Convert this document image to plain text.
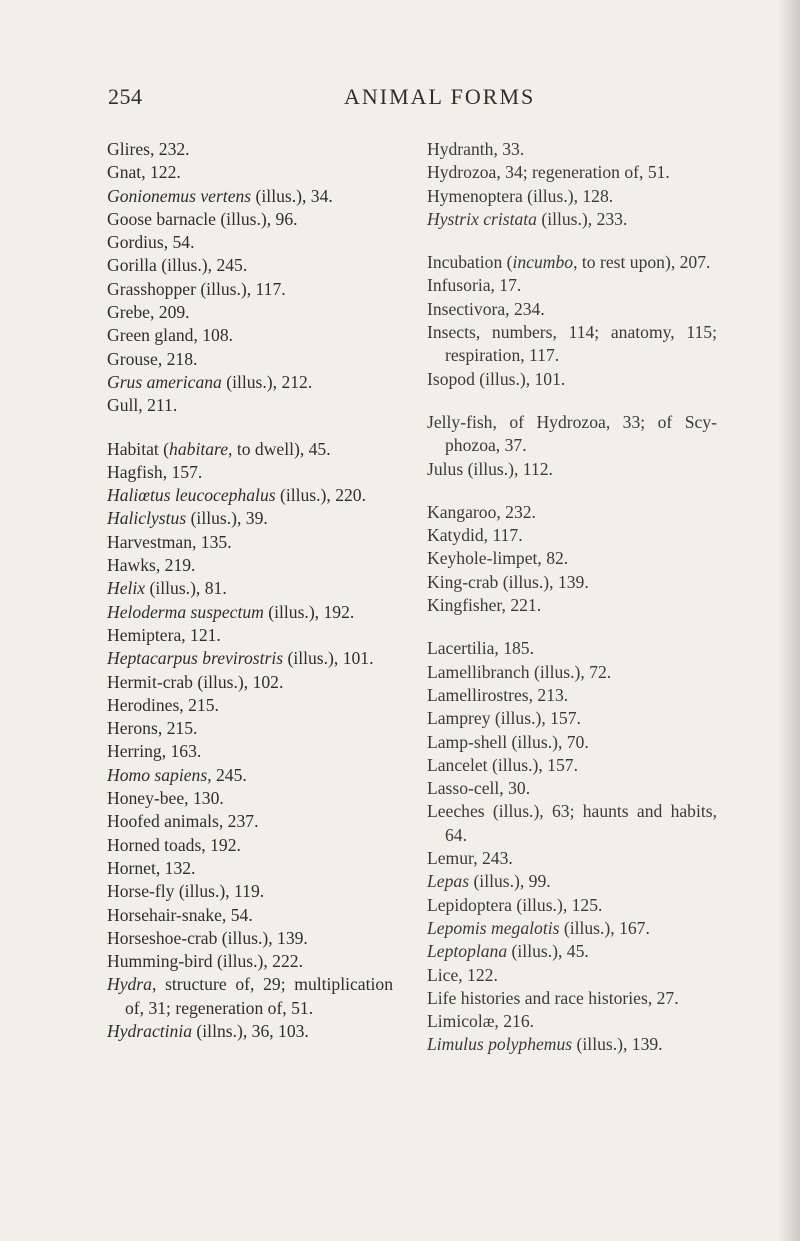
254	ANIMAL FORMS
Glires, 232.
Gnat, 122.
Gonionemus vertens (illus.), 34.
Goose barnacle (illus.), 96.
Gordius, 54.
Gorilla (illus.), 245.
Grasshopper (illus.), 117.
Grebe, 209.
Green gland, 108.
Grouse, 218.
Grus americana (illus.), 212.
Gull, 211.
Habitat (habitare, to dwell), 45.
Hagfish, 157.
Haliœtus leucocephalus (illus.), 220.
Haliclystus (illus.), 39.
Harvestman, 135.
Hawks, 219.
Helix (illus.), 81.
Heloderma suspectum (illus.), 192.
Hemiptera, 121.
Heptacarpus brevirostris (illus.), 101.
Hermit-crab (illus.), 102.
Herodines, 215.
Herons, 215.
Herring, 163.
Homo sapiens, 245.
Honey-bee, 130.
Hoofed animals, 237.
Horned toads, 192.
Hornet, 132.
Horse-fly (illus.), 119.
Horsehair-snake, 54.
Horseshoe-crab (illus.), 139.
Humming-bird (illus.), 222.
Hydra, structure of, 29; multiplication of, 31; regeneration of, 51.
Hydractinia (illns.), 36, 103.
Hydranth, 33.
Hydrozoa, 34; regeneration of, 51.
Hymenoptera (illus.), 128.
Hystrix cristata (illus.), 233.
Incubation (incumbo, to rest upon), 207.
Infusoria, 17.
Insectivora, 234.
Insects, numbers, 114; anatomy, 115; respiration, 117.
Isopod (illus.), 101.
Jelly-fish, of Hydrozoa, 33; of Scyphozoa, 37.
Julus (illus.), 112.
Kangaroo, 232.
Katydid, 117.
Keyhole-limpet, 82.
King-crab (illus.), 139.
Kingfisher, 221.
Lacertilia, 185.
Lamellibranch (illus.), 72.
Lamellirostres, 213.
Lamprey (illus.), 157.
Lamp-shell (illus.), 70.
Lancelet (illus.), 157.
Lasso-cell, 30.
Leeches (illus.), 63; haunts and habits, 64.
Lemur, 243.
Lepas (illus.), 99.
Lepidoptera (illus.), 125.
Lepomis megalotis (illus.), 167.
Leptoplana (illus.), 45.
Lice, 122.
Life histories and race histories, 27.
Limicolæ, 216.
Limulus polyphemus (illus.), 139.
